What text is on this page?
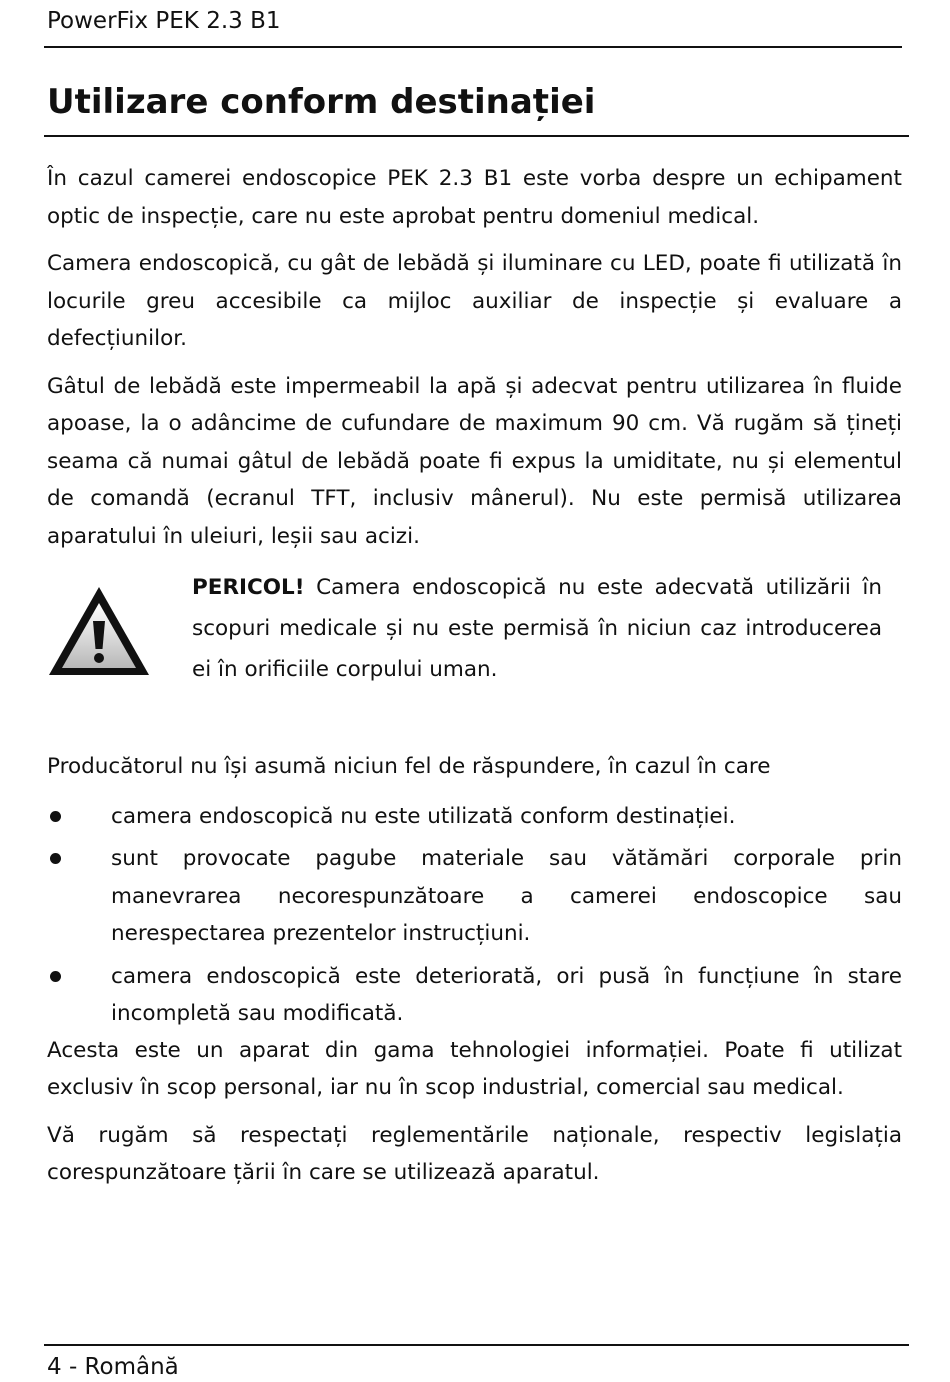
PowerFix PEK 2.3 B1
Utilizare conform destinației

În cazul camerei endoscopice PEK 2.3 B1 este vorba despre un echipament optic de inspecție, care nu este aprobat pentru domeniul medical.

Camera endoscopică, cu gât de lebădă și iluminare cu LED, poate fi utilizată în locurile greu accesibile ca mijloc auxiliar de inspecție și evaluare a defecțiunilor.

Gâtul de lebădă este impermeabil la apă și adecvat pentru utilizarea în fluide apoase, la o adâncime de cufundare de maximum 90 cm. Vă rugăm să țineți seama că numai gâtul de lebădă poate fi expus la umiditate, nu și elementul de comandă (ecranul TFT, inclusiv mânerul). Nu este permisă utilizarea aparatului în uleiuri, leșii sau acizi.

PERICOL! Camera endoscopică nu este adecvată utilizării în scopuri medicale și nu este permisă în niciun caz introducerea ei în orificiile corpului uman.

Producătorul nu își asumă niciun fel de răspundere, în cazul în care

camera endoscopică nu este utilizată conform destinației.
sunt provocate pagube materiale sau vătămări corporale prin manevrarea necorespunzătoare a camerei endoscopice sau nerespectarea prezentelor instrucțiuni.
camera endoscopică este deteriorată, ori pusă în funcțiune în stare incompletă sau modificată.

Acesta este un aparat din gama tehnologiei informației. Poate fi utilizat exclusiv în scop personal, iar nu în scop industrial, comercial sau medical.

Vă rugăm să respectați reglementările naționale, respectiv legislația corespunzătoare țării în care se utilizează aparatul.

4 - Română
